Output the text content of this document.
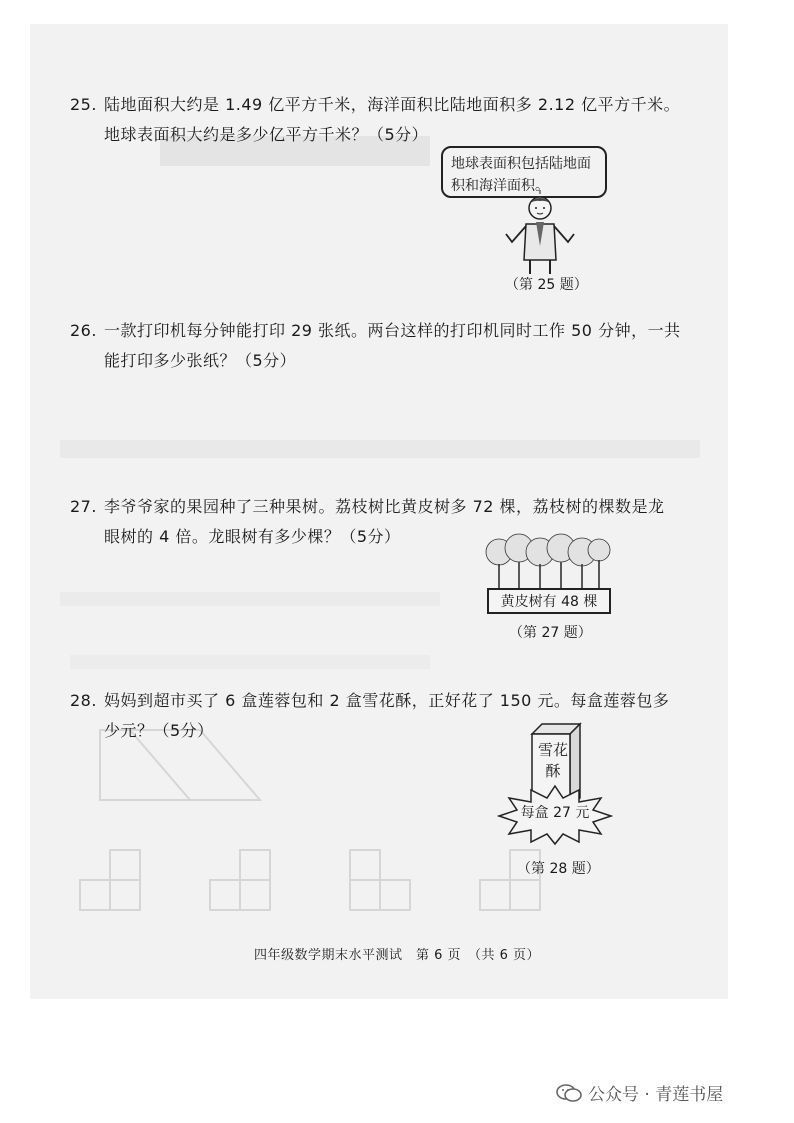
25. 陆地面积大约是 1.49 亿平方千米，海洋面积比陆地面积多 2.12 亿平方千米。
地球表面积大约是多少亿平方千米？（5分）
地球表面积包括陆地面积和海洋面积。
（第 25 题）
26. 一款打印机每分钟能打印 29 张纸。两台这样的打印机同时工作 50 分钟，一共
能打印多少张纸？（5分）
27. 李爷爷家的果园种了三种果树。荔枝树比黄皮树多 72 棵，荔枝树的棵数是龙
眼树的 4 倍。龙眼树有多少棵？（5分）
黄皮树有 48 棵
（第 27 题）
28. 妈妈到超市买了 6 盒莲蓉包和 2 盒雪花酥，正好花了 150 元。每盒莲蓉包多
少元？（5分）
雪花酥
每盒 27 元
（第 28 题）
四年级数学期末水平测试　第 6 页　（共 6 页）
公众号 · 青莲书屋
